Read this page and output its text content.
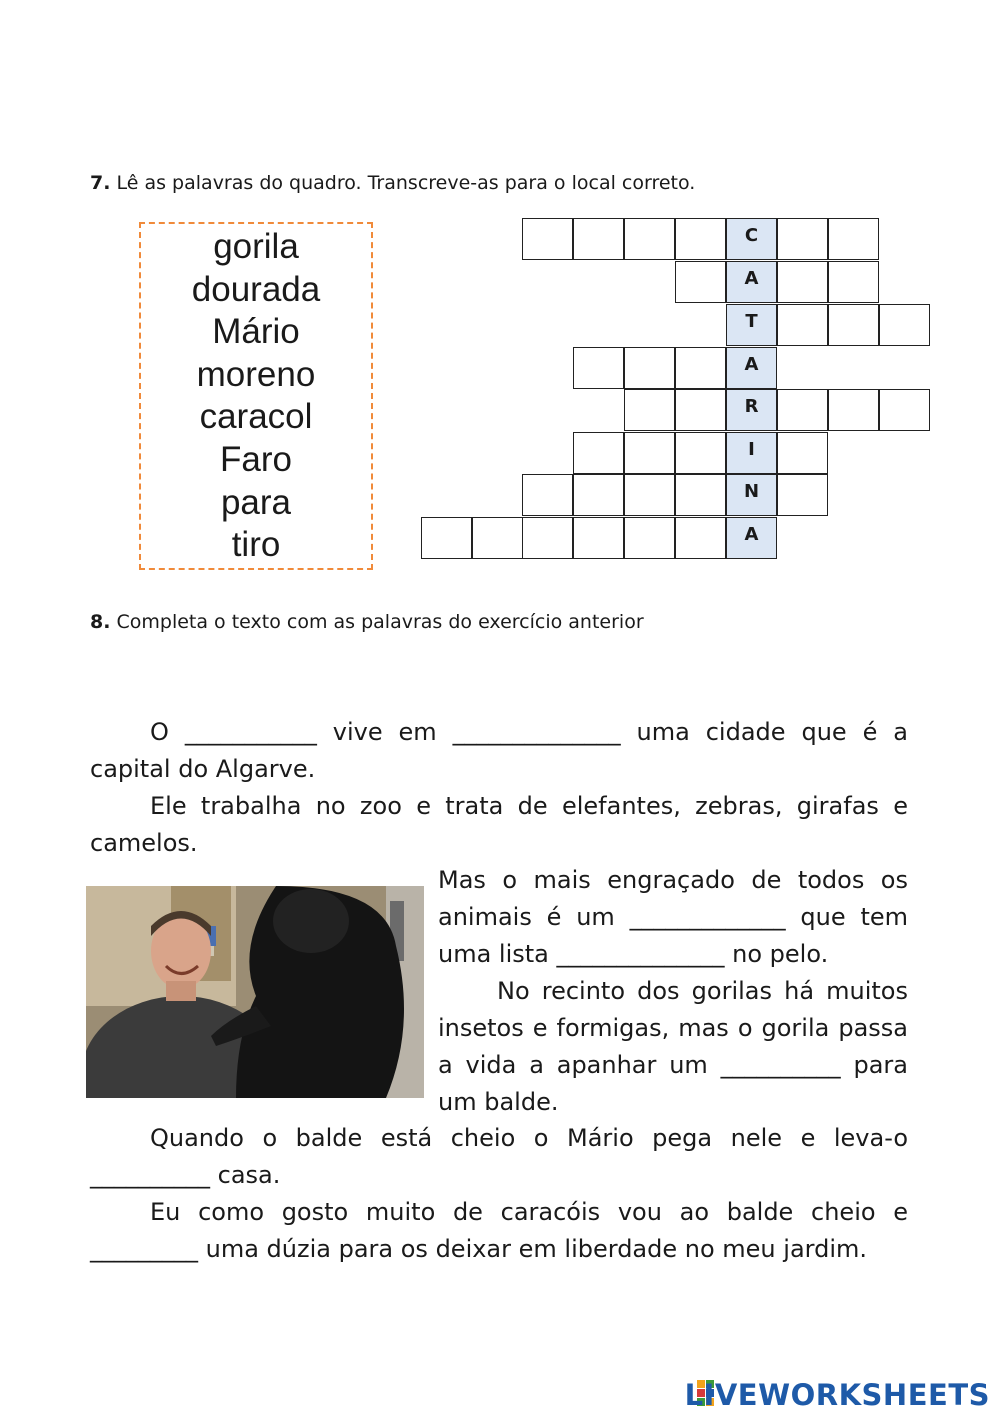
7. Lê as palavras do quadro. Transcreve-as para o local correto.
gorila
dourada
Mário
moreno
caracol
Faro
para
tiro
C
A
T
A
R
I
N
A
8. Completa o texto com as palavras do exercício anterior
O ___________ vive em ______________ uma cidade que é a
capital do Algarve.
Ele trabalha no zoo e trata de elefantes, zebras, girafas e
camelos.
Mas o mais engraçado de todos os
animais é um _____________ que tem
uma lista ______________ no pelo.
No recinto dos gorilas há muitos
insetos e formigas, mas o gorila passa
a vida a apanhar um __________ para
um balde.
Quando o balde está cheio o Mário pega nele e leva-o
__________ casa.
Eu como gosto muito de caracóis vou ao balde cheio e
_________ uma dúzia para os deixar em liberdade no meu jardim.
LIVEWORKSHEETS
